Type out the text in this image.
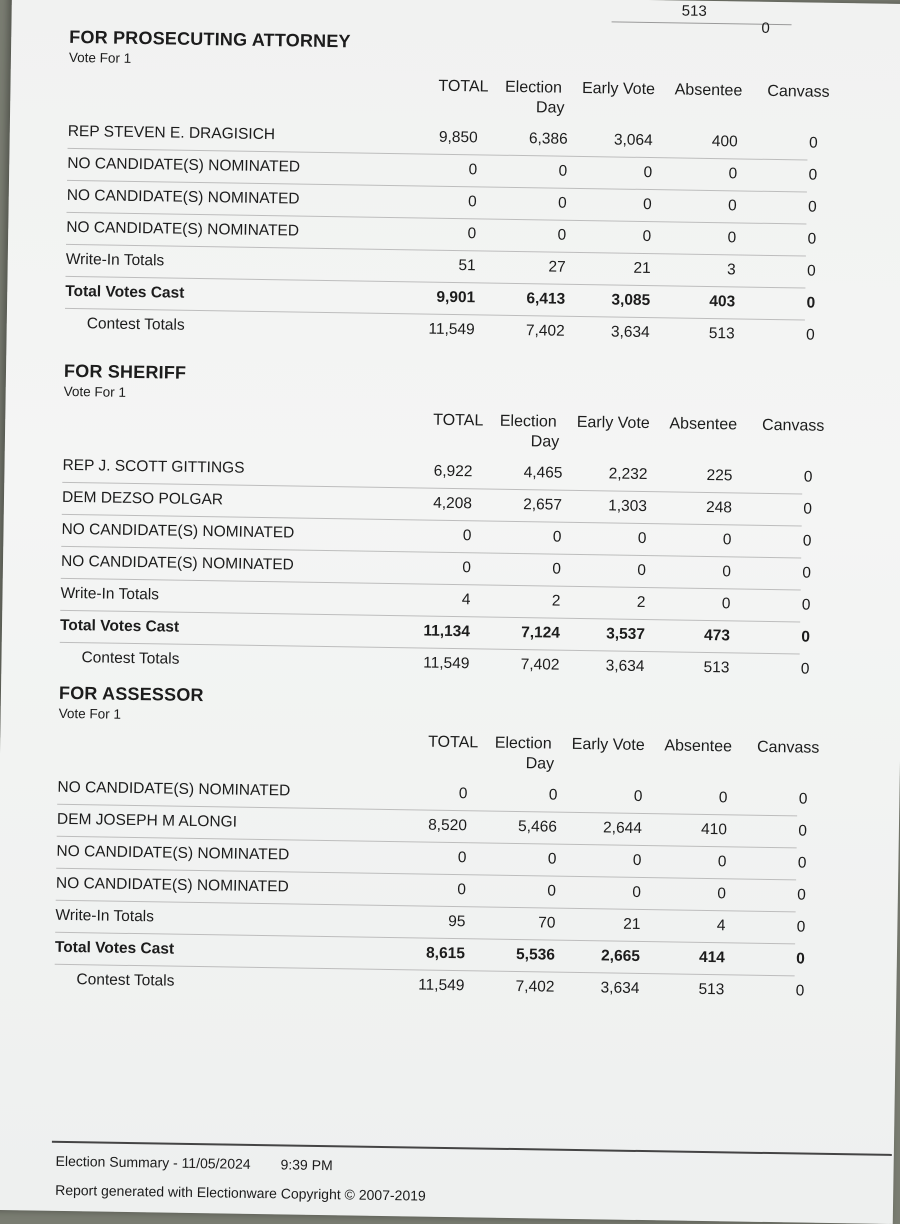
513
0
FOR PROSECUTING ATTORNEY
Vote For 1
TOTAL	Election
Day
Early Vote	Absentee	Canvass
REP STEVEN E. DRAGISICH	9,850	6,386	3,064	400	0
NO CANDIDATE(S) NOMINATED	0	0	0	0	0
NO CANDIDATE(S) NOMINATED	0	0	0	0	0
NO CANDIDATE(S) NOMINATED	0	0	0	0	0
Write-In Totals	51	27	21	3	0
Total Votes Cast	9,901	6,413	3,085	403	0
Contest Totals	11,549	7,402	3,634	513	0
FOR SHERIFF
Vote For 1
TOTAL	Election
Day
Early Vote	Absentee	Canvass
REP J. SCOTT GITTINGS	6,922	4,465	2,232	225	0
DEM DEZSO POLGAR	4,208	2,657	1,303	248	0
NO CANDIDATE(S) NOMINATED	0	0	0	0	0
NO CANDIDATE(S) NOMINATED	0	0	0	0	0
Write-In Totals	4	2	2	0	0
Total Votes Cast	11,134	7,124	3,537	473	0
Contest Totals	11,549	7,402	3,634	513	0
FOR ASSESSOR
Vote For 1
TOTAL	Election
Day
Early Vote	Absentee	Canvass
NO CANDIDATE(S) NOMINATED	0	0	0	0	0
DEM JOSEPH M ALONGI	8,520	5,466	2,644	410	0
NO CANDIDATE(S) NOMINATED	0	0	0	0	0
NO CANDIDATE(S) NOMINATED	0	0	0	0	0
Write-In Totals	95	70	21	4	0
Total Votes Cast	8,615	5,536	2,665	414	0
Contest Totals	11,549	7,402	3,634	513	0
Election Summary - 11/05/2024 9:39 PM
Report generated with Electionware Copyright © 2007-2019
